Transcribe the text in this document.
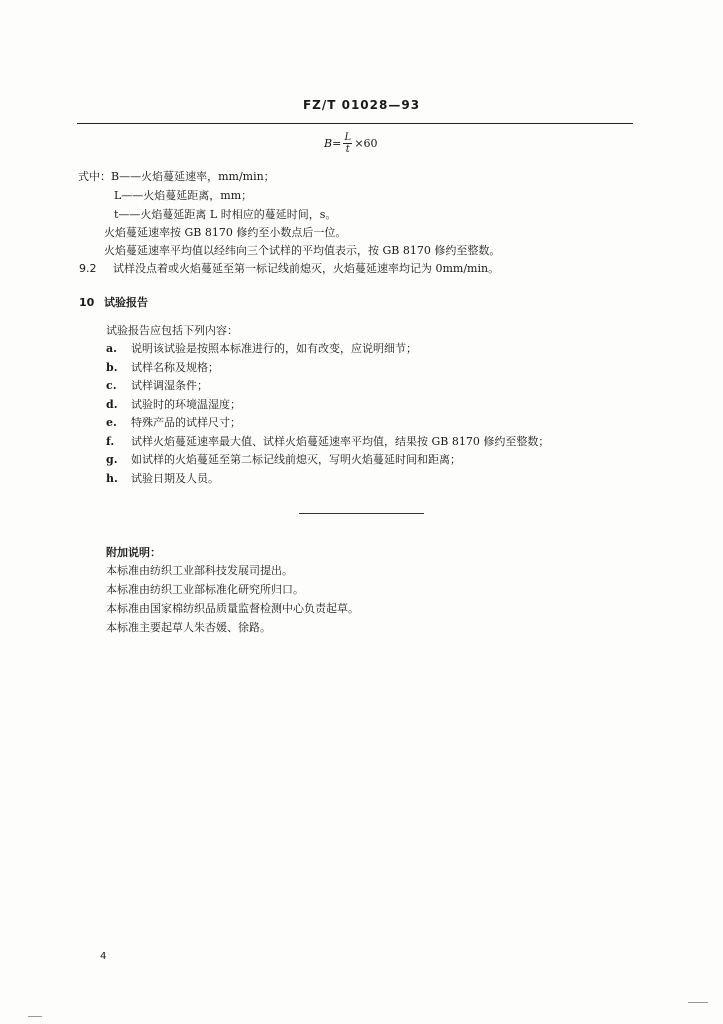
FZ/T 01028—93
$B= \frac{L}{t} \times 60$
式中：B——火焰蔓延速率，mm/min；
L——火焰蔓延距离，mm；
t——火焰蔓延距离 L 时相应的蔓延时间，s。
火焰蔓延速率按 GB 8170 修约至小数点后一位。
火焰蔓延速率平均值以经纬向三个试样的平均值表示，按 GB 8170 修约至整数。
9.2 试样没点着或火焰蔓延至第一标记线前熄灭，火焰蔓延速率均记为 0mm/min。
10 试验报告
试验报告应包括下列内容：
a. 说明该试验是按照本标准进行的，如有改变，应说明细节；
b. 试样名称及规格；
c. 试样调湿条件；
d. 试验时的环境温湿度；
e. 特殊产品的试样尺寸；
f. 试样火焰蔓延速率最大值、试样火焰蔓延速率平均值，结果按 GB 8170 修约至整数；
g. 如试样的火焰蔓延至第二标记线前熄灭，写明火焰蔓延时间和距离；
h. 试验日期及人员。
附加说明：
本标准由纺织工业部科技发展司提出。
本标准由纺织工业部标准化研究所归口。
本标准由国家棉纺织品质量监督检测中心负责起草。
本标准主要起草人朱杏媛、徐路。
4
